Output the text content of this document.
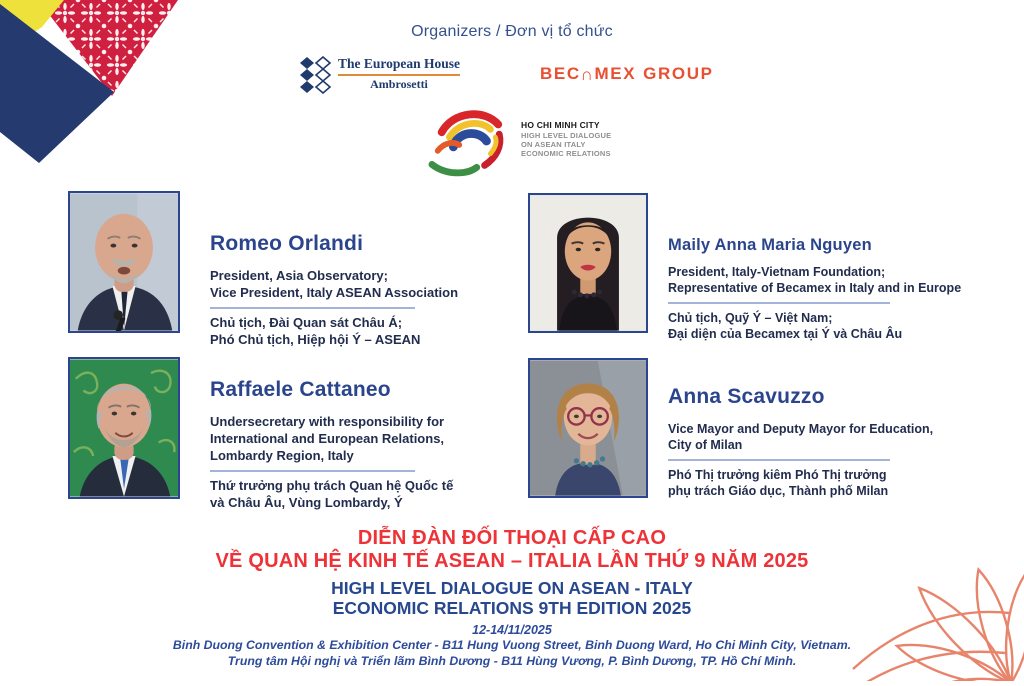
Organizers / Đơn vị tổ chức
The European House
Ambrosetti
BEC∩MEX GROUP
HO CHI MINH CITY
HIGH LEVEL DIALOGUE
ON ASEAN ITALY
ECONOMIC RELATIONS
Romeo Orlandi
President, Asia Observatory;
Vice President, Italy ASEAN Association
Chủ tịch, Đài Quan sát Châu Á;
Phó Chủ tịch, Hiệp hội Ý – ASEAN
Maily Anna Maria Nguyen
President, Italy-Vietnam Foundation;
Representative of Becamex in Italy and in Europe
Chủ tịch, Quỹ Ý – Việt Nam;
Đại diện của Becamex tại Ý và Châu Âu
Raffaele Cattaneo
Undersecretary with responsibility for
International and European Relations,
Lombardy Region, Italy
Thứ trưởng phụ trách Quan hệ Quốc tế
và Châu Âu, Vùng Lombardy, Ý
Anna Scavuzzo
Vice Mayor and Deputy Mayor for Education,
City of Milan
Phó Thị trưởng kiêm Phó Thị trưởng
phụ trách Giáo dục, Thành phố Milan
DIỄN ĐÀN ĐỐI THOẠI CẤP CAO
VỀ QUAN HỆ KINH TẾ ASEAN – ITALIA LẦN THỨ 9 NĂM 2025
HIGH LEVEL DIALOGUE ON ASEAN - ITALY
ECONOMIC RELATIONS 9TH EDITION 2025
12-14/11/2025
Binh Duong Convention & Exhibition Center - B11 Hung Vuong Street, Binh Duong Ward, Ho Chi Minh City, Vietnam.
Trung tâm Hội nghị và Triển lãm Bình Dương - B11 Hùng Vương, P. Bình Dương, TP. Hồ Chí Minh.
